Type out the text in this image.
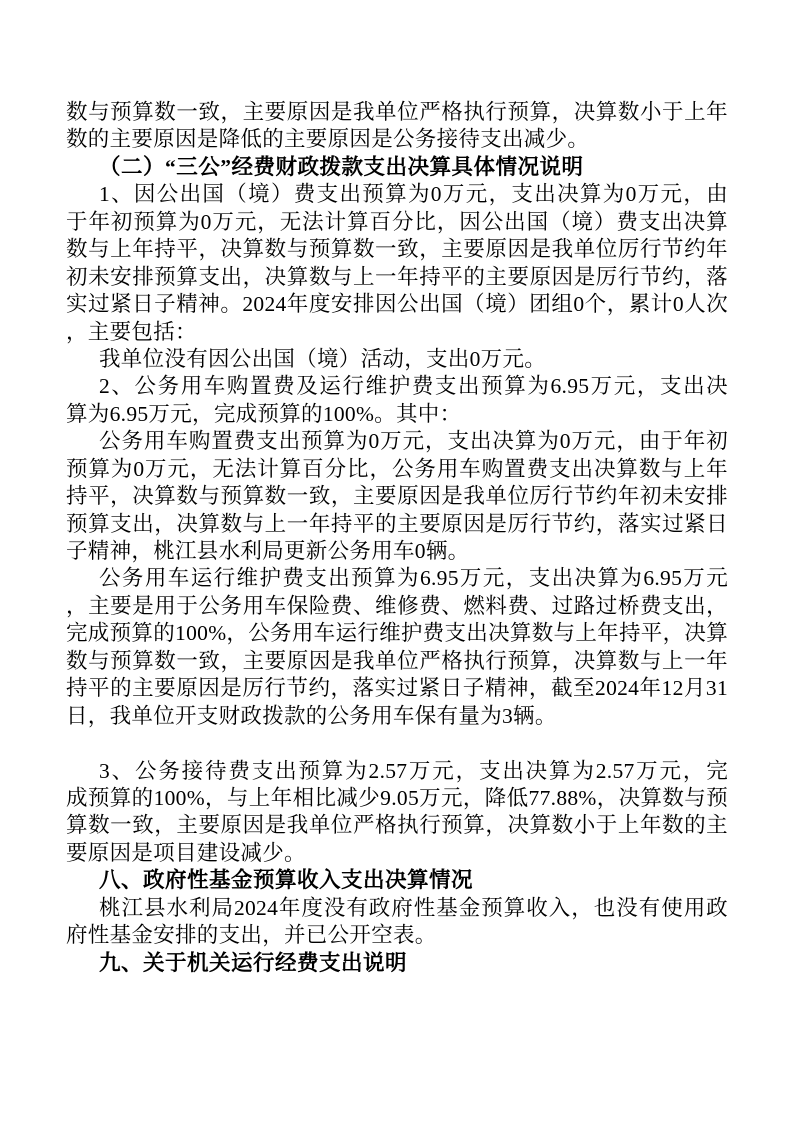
数与预算数一致，主要原因是我单位严格执行预算，决算数小于上年
数的主要原因是降低的主要原因是公务接待支出减少。
（二）“三公”经费财政拨款支出决算具体情况说明
1、因公出国（境）费支出预算为0万元，支出决算为0万元，由
于年初预算为0万元，无法计算百分比，因公出国（境）费支出决算
数与上年持平，决算数与预算数一致，主要原因是我单位厉行节约年
初未安排预算支出，决算数与上一年持平的主要原因是厉行节约，落
实过紧日子精神。2024年度安排因公出国（境）团组0个，累计0人次
，主要包括：
我单位没有因公出国（境）活动，支出0万元。
2、公务用车购置费及运行维护费支出预算为6.95万元，支出决
算为6.95万元，完成预算的100%。其中：
公务用车购置费支出预算为0万元，支出决算为0万元，由于年初
预算为0万元，无法计算百分比，公务用车购置费支出决算数与上年
持平，决算数与预算数一致，主要原因是我单位厉行节约年初未安排
预算支出，决算数与上一年持平的主要原因是厉行节约，落实过紧日
子精神，桃江县水利局更新公务用车0辆。
公务用车运行维护费支出预算为6.95万元，支出决算为6.95万元
，主要是用于公务用车保险费、维修费、燃料费、过路过桥费支出，
完成预算的100%，公务用车运行维护费支出决算数与上年持平，决算
数与预算数一致，主要原因是我单位严格执行预算，决算数与上一年
持平的主要原因是厉行节约，落实过紧日子精神，截至2024年12月31
日，我单位开支财政拨款的公务用车保有量为3辆。

3、公务接待费支出预算为2.57万元，支出决算为2.57万元，完
成预算的100%，与上年相比减少9.05万元，降低77.88%，决算数与预
算数一致，主要原因是我单位严格执行预算，决算数小于上年数的主
要原因是项目建设减少。
八、政府性基金预算收入支出决算情况
桃江县水利局2024年度没有政府性基金预算收入，也没有使用政
府性基金安排的支出，并已公开空表。
九、关于机关运行经费支出说明
